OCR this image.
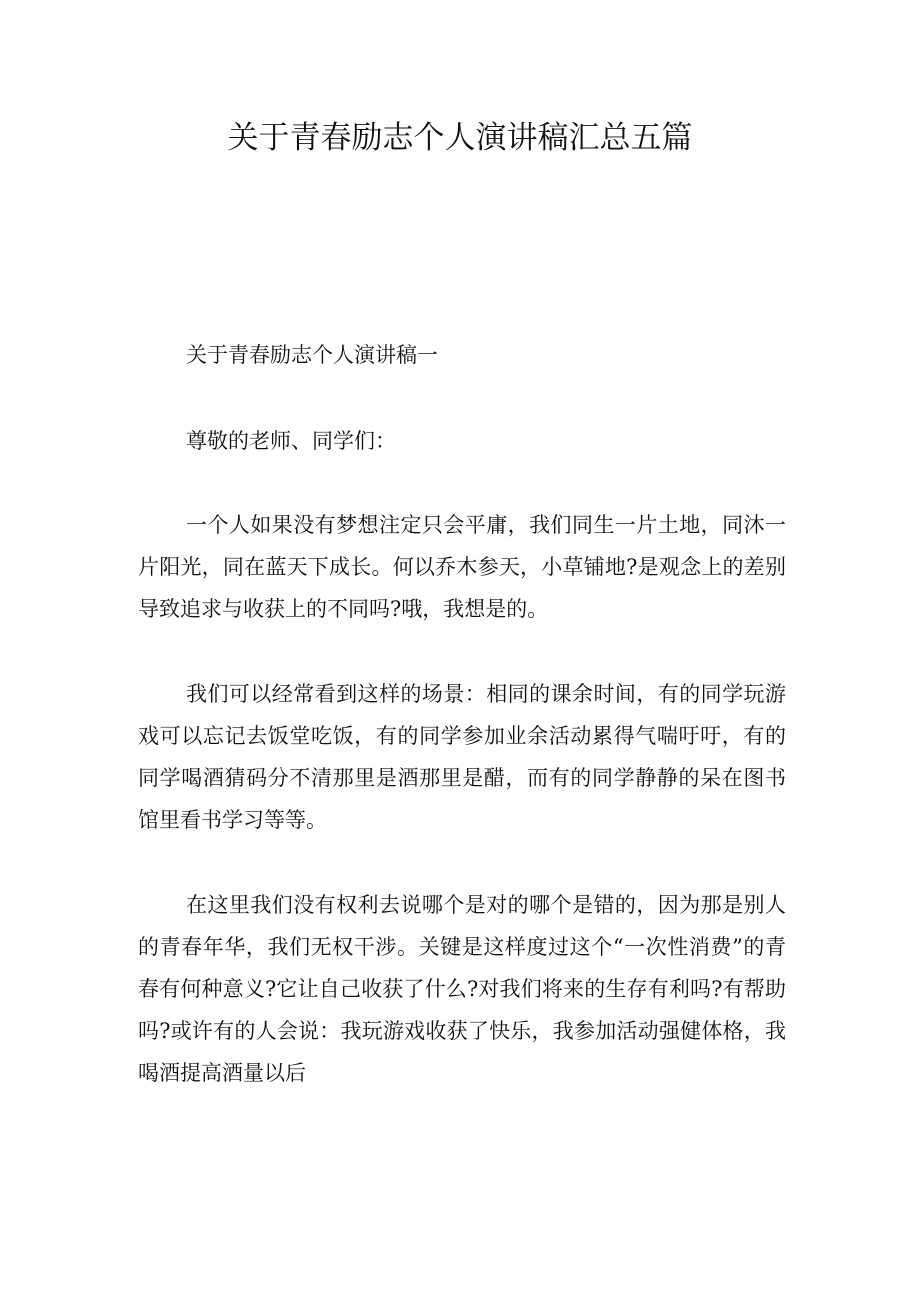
关于青春励志个人演讲稿汇总五篇

关于青春励志个人演讲稿一

尊敬的老师、同学们：

一个人如果没有梦想注定只会平庸，我们同生一片土地，同沐一片阳光，同在蓝天下成长。何以乔木参天，小草铺地?是观念上的差别导致追求与收获上的不同吗?哦，我想是的。

我们可以经常看到这样的场景：相同的课余时间，有的同学玩游戏可以忘记去饭堂吃饭，有的同学参加业余活动累得气喘吁吁，有的同学喝酒猜码分不清那里是酒那里是醋，而有的同学静静的呆在图书馆里看书学习等等。

在这里我们没有权利去说哪个是对的哪个是错的，因为那是别人的青春年华，我们无权干涉。关键是这样度过这个“一次性消费”的青春有何种意义?它让自己收获了什么?对我们将来的生存有利吗?有帮助吗?或许有的人会说：我玩游戏收获了快乐，我参加活动强健体格，我喝酒提高酒量以后
